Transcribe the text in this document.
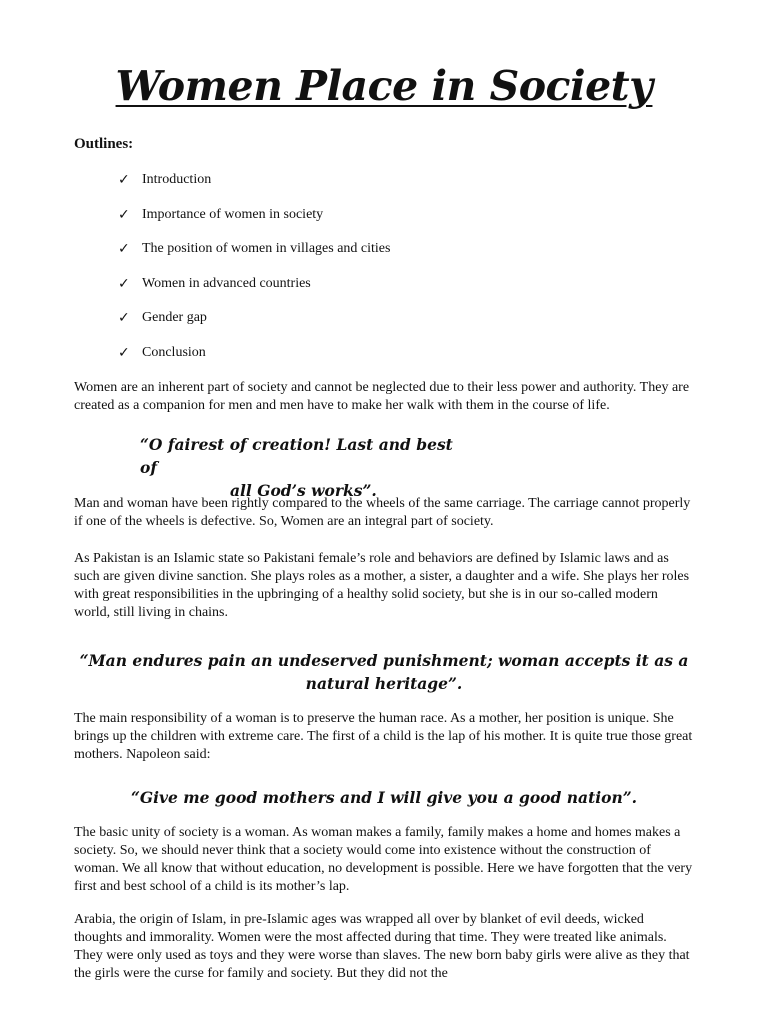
Women Place in Society
Outlines:
✓ Introduction
✓ Importance of women in society
✓ The position of women in villages and cities
✓ Women in advanced countries
✓ Gender gap
✓ Conclusion

Women are an inherent part of society and cannot be neglected due to their less power and authority. They are created as a companion for men and men have to make her walk with them in the course of life.

“O fairest of creation! Last and best of
all God’s works”.

Man and woman have been rightly compared to the wheels of the same carriage. The carriage cannot properly if one of the wheels is defective. So, Women are an integral part of society.

As Pakistan is an Islamic state so Pakistani female’s role and behaviors are defined by Islamic laws and as such are given divine sanction. She plays roles as a mother, a sister, a daughter and a wife. She plays her roles with great responsibilities in the upbringing of a healthy solid society, but she is in our so-called modern world, still living in chains.

“Man endures pain an undeserved punishment; woman accepts it as a natural heritage”.

The main responsibility of a woman is to preserve the human race. As a mother, her position is unique. She brings up the children with extreme care. The first of a child is the lap of his mother. It is quite true those great mothers. Napoleon said:

“Give me good mothers and I will give you a good nation”.

The basic unity of society is a woman. As woman makes a family, family makes a home and homes makes a society. So, we should never think that a society would come into existence without the construction of woman. We all know that without education, no development is possible. Here we have forgotten that the very first and best school of a child is its mother’s lap.

Arabia, the origin of Islam, in pre-Islamic ages was wrapped all over by blanket of evil deeds, wicked thoughts and immorality. Women were the most affected during that time. They were treated like animals. They were only used as toys and they were worse than slaves. The new born baby girls were alive as they that the girls were the curse for family and society. But they did not the
